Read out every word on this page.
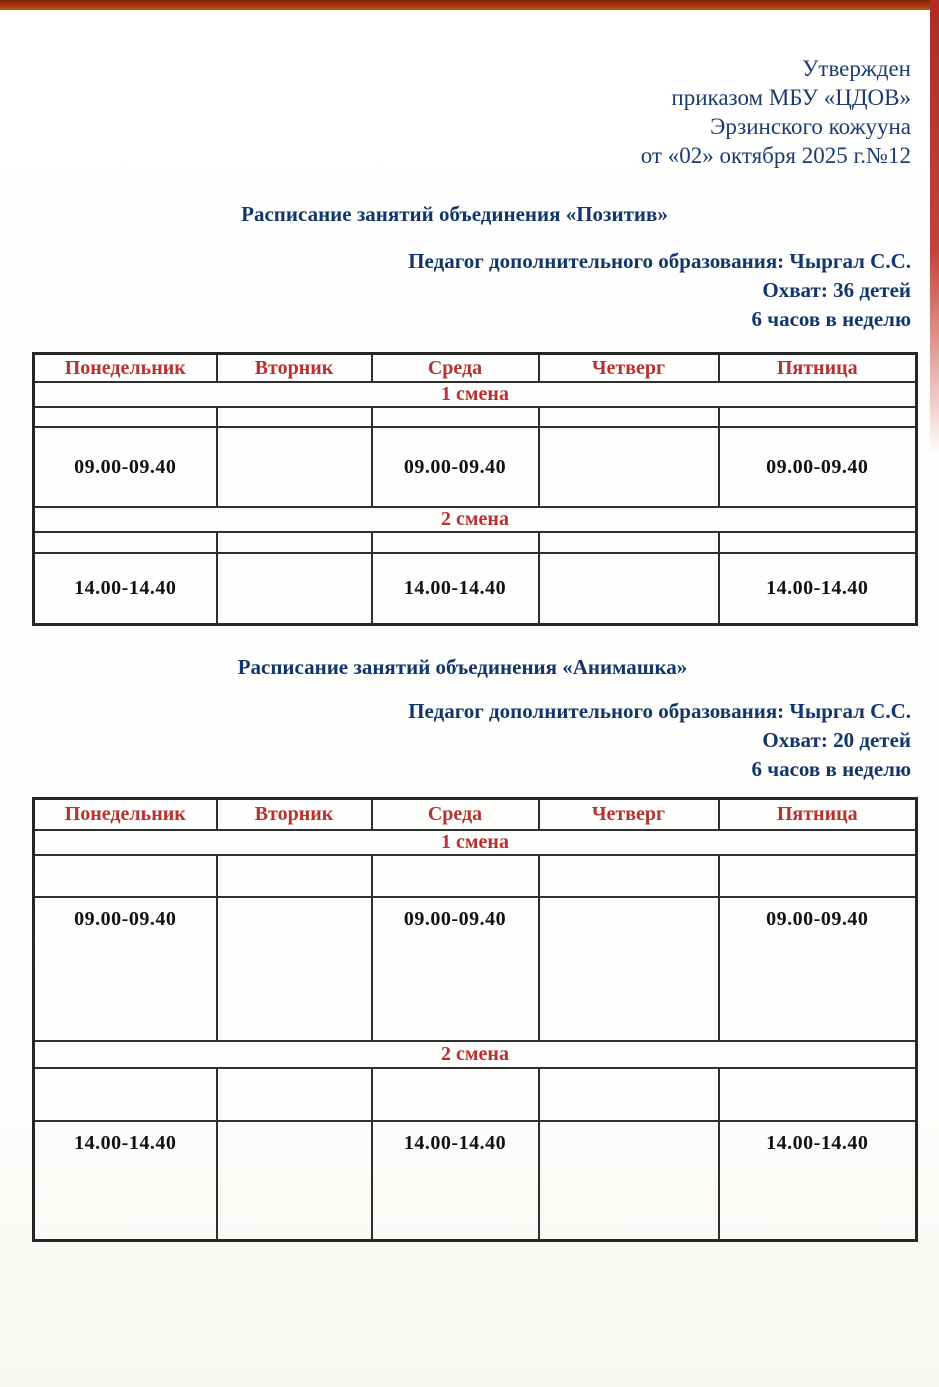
Утвержден
приказом МБУ «ЦДОВ»
Эрзинского кожууна
от «02» октября 2025 г.№12
Расписание занятий объединения «Позитив»
Педагог дополнительного образования: Чыргал С.С.
Охват: 36 детей
6 часов в неделю
Понедельник	Вторник	Среда	Четверг	Пятница
1 смена				

09.00-09.40		09.00-09.40		09.00-09.40
2 смена				

14.00-14.40		14.00-14.40		14.00-14.40
Расписание занятий объединения «Анимашка»
Педагог дополнительного образования: Чыргал С.С.
Охват: 20 детей
6 часов в неделю
Понедельник	Вторник	Среда	Четверг	Пятница
1 смена				

09.00-09.40		09.00-09.40		09.00-09.40
2 смена				

14.00-14.40		14.00-14.40		14.00-14.40
